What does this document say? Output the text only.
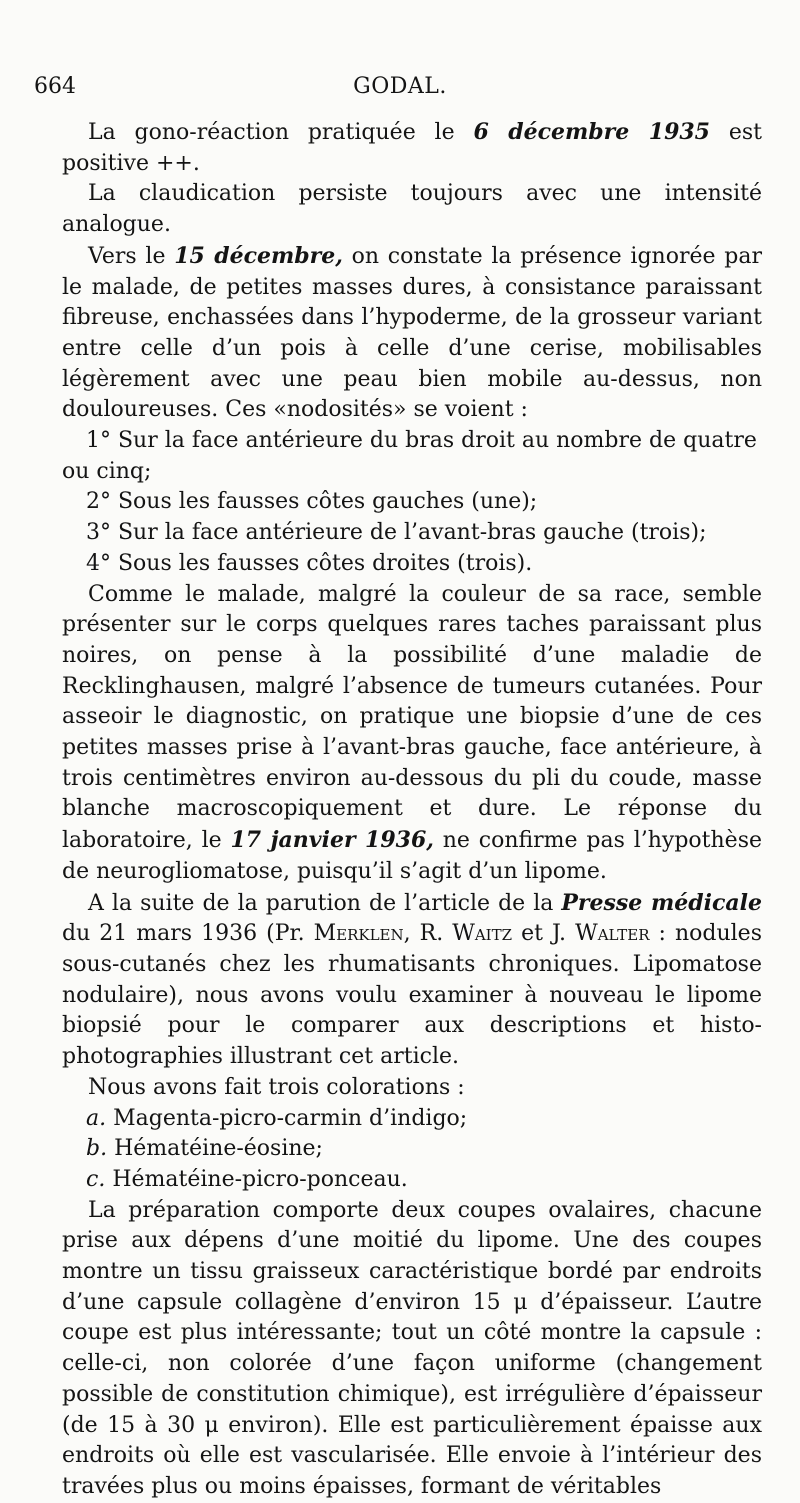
664	GODAL.

La gono-réaction pratiquée le 6 décembre 1935 est positive ++.

La claudication persiste toujours avec une intensité analogue.

Vers le 15 décembre, on constate la présence ignorée par le malade, de petites masses dures, à consistance paraissant fibreuse, enchassées dans l’hypoderme, de la grosseur variant entre celle d’un pois à celle d’une cerise, mobilisables légèrement avec une peau bien mobile au-dessus, non douloureuses. Ces «nodosités» se voient :

1° Sur la face antérieure du bras droit au nombre de quatre ou cinq;

2° Sous les fausses côtes gauches (une);

3° Sur la face antérieure de l’avant-bras gauche (trois);

4° Sous les fausses côtes droites (trois).

Comme le malade, malgré la couleur de sa race, semble présenter sur le corps quelques rares taches paraissant plus noires, on pense à la possibilité d’une maladie de Recklinghausen, malgré l’absence de tumeurs cutanées. Pour asseoir le diagnostic, on pratique une biopsie d’une de ces petites masses prise à l’avant-bras gauche, face antérieure, à trois centimètres environ au-dessous du pli du coude, masse blanche macroscopiquement et dure. Le réponse du laboratoire, le 17 janvier 1936, ne confirme pas l’hypothèse de neurogliomatose, puisqu’il s’agit d’un lipome.

A la suite de la parution de l’article de la Presse médicale du 21 mars 1936 (Pr. Merklen, R. Waitz et J. Walter : nodules sous-cutanés chez les rhumatisants chroniques. Lipomatose nodulaire), nous avons voulu examiner à nouveau le lipome biopsié pour le comparer aux descriptions et histo-photographies illustrant cet article.

Nous avons fait trois colorations :

a. Magenta-picro-carmin d’indigo;

b. Hématéine-éosine;

c. Hématéine-picro-ponceau.

La préparation comporte deux coupes ovalaires, chacune prise aux dépens d’une moitié du lipome. Une des coupes montre un tissu graisseux caractéristique bordé par endroits d’une capsule collagène d’environ 15 μ d’épaisseur. L’autre coupe est plus intéressante; tout un côté montre la capsule : celle-ci, non colorée d’une façon uniforme (changement possible de constitution chimique), est irrégulière d’épaisseur (de 15 à 30 μ environ). Elle est particulièrement épaisse aux endroits où elle est vascularisée. Elle envoie à l’intérieur des travées plus ou moins épaisses, formant de véritables
